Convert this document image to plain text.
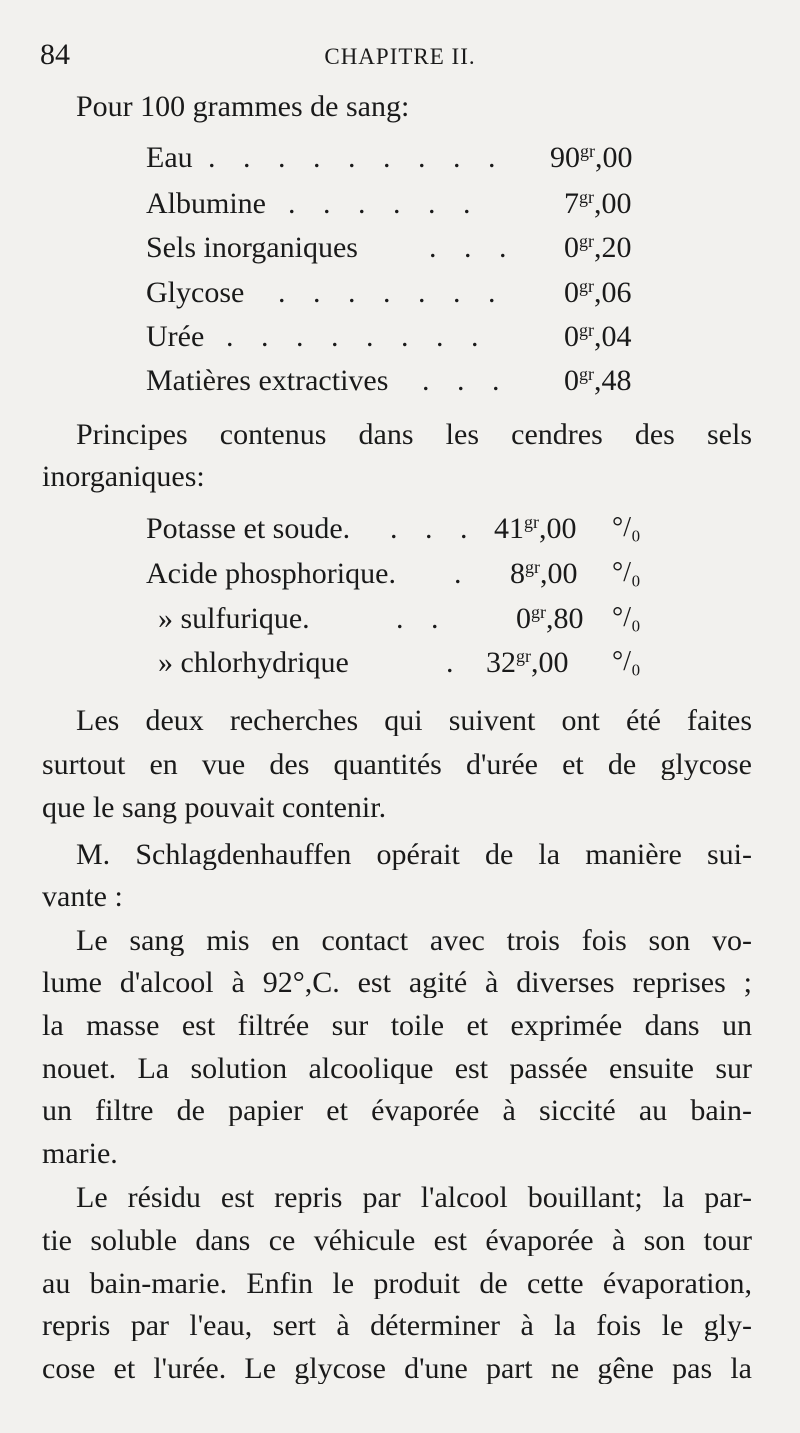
84	CHAPITRE II.
Pour 100 grammes de sang:
Eau . . . . . . . . . $90^{gr},00$
Albumine . . . . . .	$7^{gr},00$
Sels inorganiques . . . $0^{gr},20$
Glycose . . . . . . . $0^{gr},06$
Urée . . . . . . . .	$0^{gr},04$
Matières extractives . . . $0^{gr},48$
Principes contenus dans les cendres des sels
inorganiques:
Potasse et soude. . . . $41^{gr},00$ °/₀
Acide phosphorique. . $8^{gr},00$ °/₀
» sulfurique.	. . $0^{gr},80$ °/₀
» chlorhydrique	. $32^{gr},00$ °/₀
Les deux recherches qui suivent ont été faites
surtout en vue des quantités d'urée et de glycose
que le sang pouvait contenir.
M. Schlagdenhauffen opérait de la manière sui-
vante :
Le sang mis en contact avec trois fois son vo-
lume d'alcool à 92°,C. est agité à diverses reprises ;
la masse est filtrée sur toile et exprimée dans un
nouet. La solution alcoolique est passée ensuite sur
un filtre de papier et évaporée à siccité au bain-
marie.
Le résidu est repris par l'alcool bouillant; la par-
tie soluble dans ce véhicule est évaporée à son tour
au bain-marie. Enfin le produit de cette évaporation,
repris par l'eau, sert à déterminer à la fois le gly-
cose et l'urée. Le glycose d'une part ne gêne pas la
